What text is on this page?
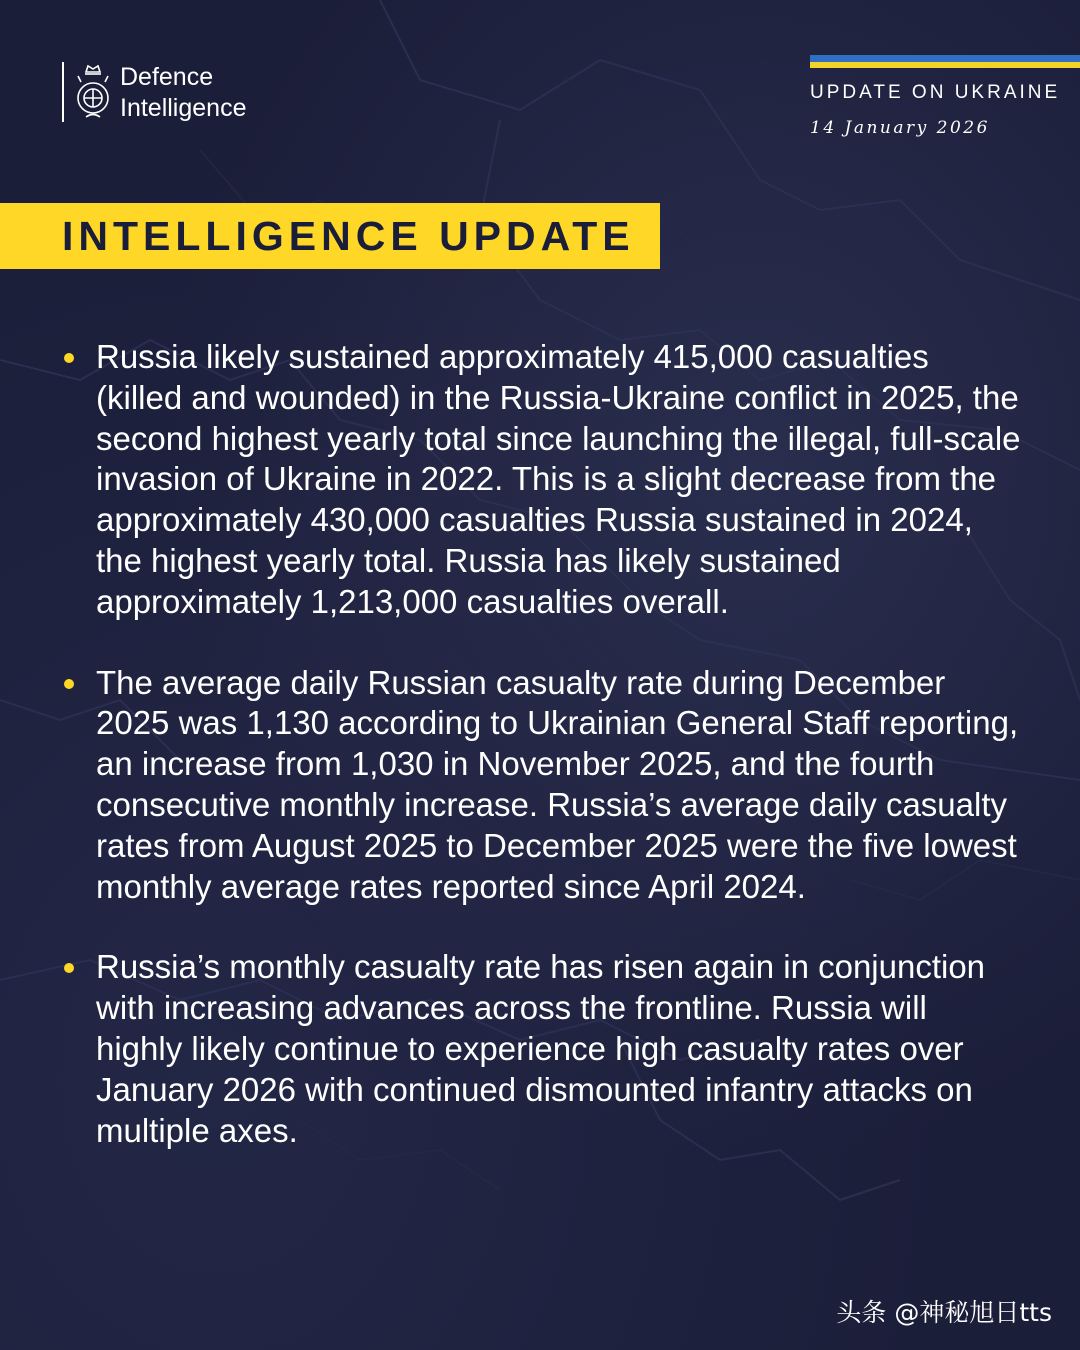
Defence
Intelligence
UPDATE ON UKRAINE
14 January 2026
INTELLIGENCE UPDATE
Russia likely sustained approximately 415,000 casualties (killed and wounded) in the Russia-Ukraine conflict in 2025, the second highest yearly total since launching the illegal, full-scale invasion of Ukraine in 2022. This is a slight decrease from the approximately 430,000 casualties Russia sustained in 2024, the highest yearly total. Russia has likely sustained approximately 1,213,000 casualties overall.
The average daily Russian casualty rate during December 2025 was 1,130 according to Ukrainian General Staff reporting, an increase from 1,030 in November 2025, and the fourth consecutive monthly increase. Russia’s average daily casualty rates from August 2025 to December 2025 were the five lowest monthly average rates reported since April 2024.
Russia’s monthly casualty rate has risen again in conjunction with increasing advances across the frontline. Russia will highly likely continue to experience high casualty rates over January 2026 with continued dismounted infantry attacks on multiple axes.
头条 @神秘旭日tts
